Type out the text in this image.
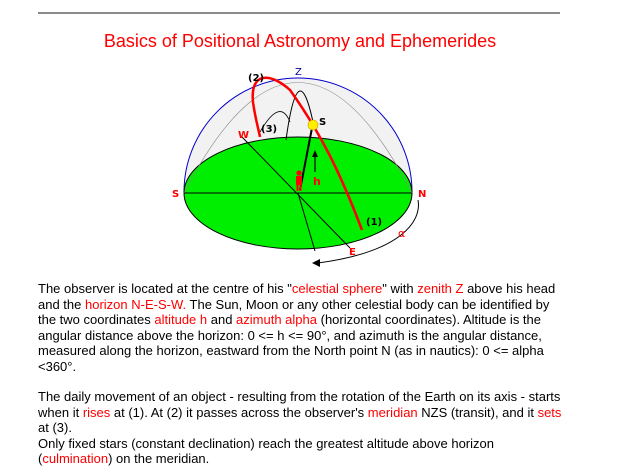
Basics of Positional Astronomy and Ephemerides
Z
(2)
(3)
W
S
h
S	N
(1)
α
E

The observer is located at the centre of his "celestial sphere" with zenith Z above his head and the horizon N-E-S-W. The Sun, Moon or any other celestial body can be identified by the two coordinates altitude h and azimuth alpha (horizontal coordinates). Altitude is the angular distance above the horizon: 0 <= h <= 90°, and azimuth is the angular distance, measured along the horizon, eastward from the North point N (as in nautics): 0 <= alpha <360°.

The daily movement of an object - resulting from the rotation of the Earth on its axis - starts when it rises at (1). At (2) it passes across the observer's meridian NZS (transit), and it sets at (3).
Only fixed stars (constant declination) reach the greatest altitude above horizon (culmination) on the meridian.
